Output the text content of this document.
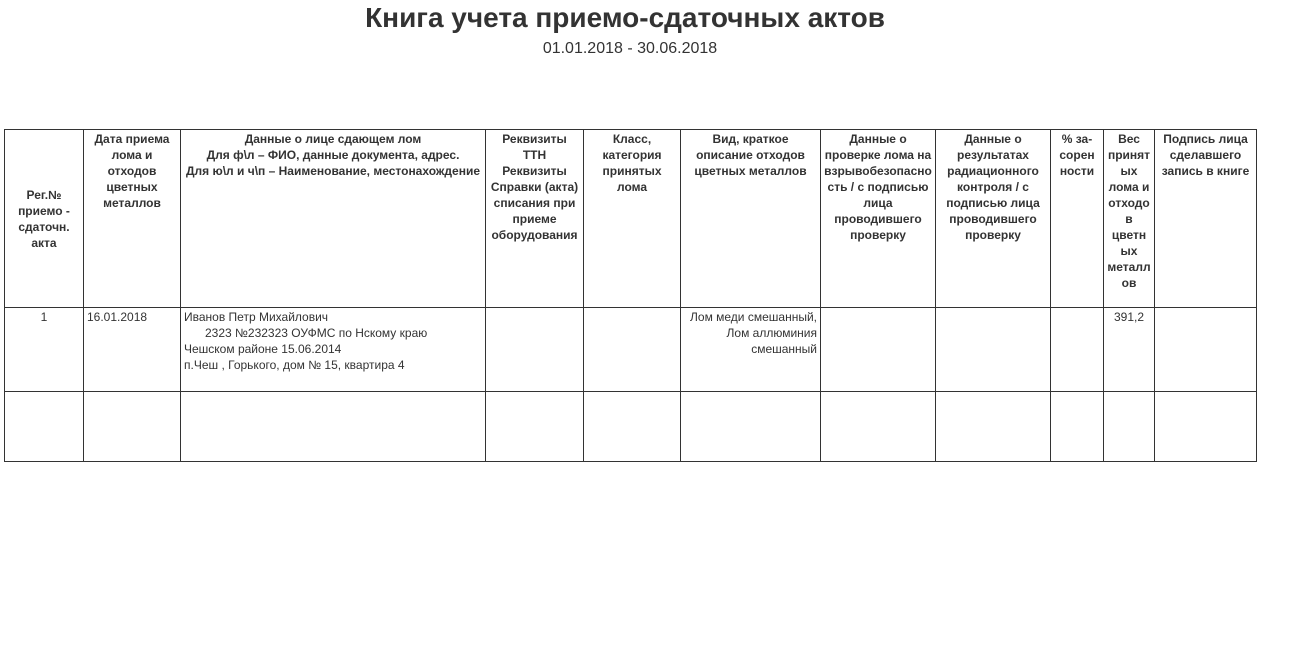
Книга учета приемо-сдаточных актов
01.01.2018 - 30.06.2018
Рег.№ приемо - сдаточн. акта	Дата приема лома и отходов цветных металлов	Данные о лице сдающем лом
Для ф\л – ФИО, данные документа, адрес.
Для ю\л и ч\п – Наименование, местонахождение	Реквизиты ТТН Реквизиты Справки (акта) списания при приеме оборудования	Класс, категория принятых лома	Вид, краткое описание отходов цветных металлов	Данные о проверке лома на взрывобезопасность / с подписью лица проводившего проверку	Данные о результатах радиационного контроля / с подписью лица проводившего проверку	% за-сорен ности	Вес принятых лома и отходов цветных металлов	Подпись лица сделавшего запись в книге
1	16.01.2018	Иванов Петр Михайлович
2323 №232323 ОУФМС по Нскому краю
Чешском районе 15.06.2014
п.Чеш , Горького, дом № 15, квартира 4			Лом меди смешанный, Лом аллюминия смешанный				391,2	
